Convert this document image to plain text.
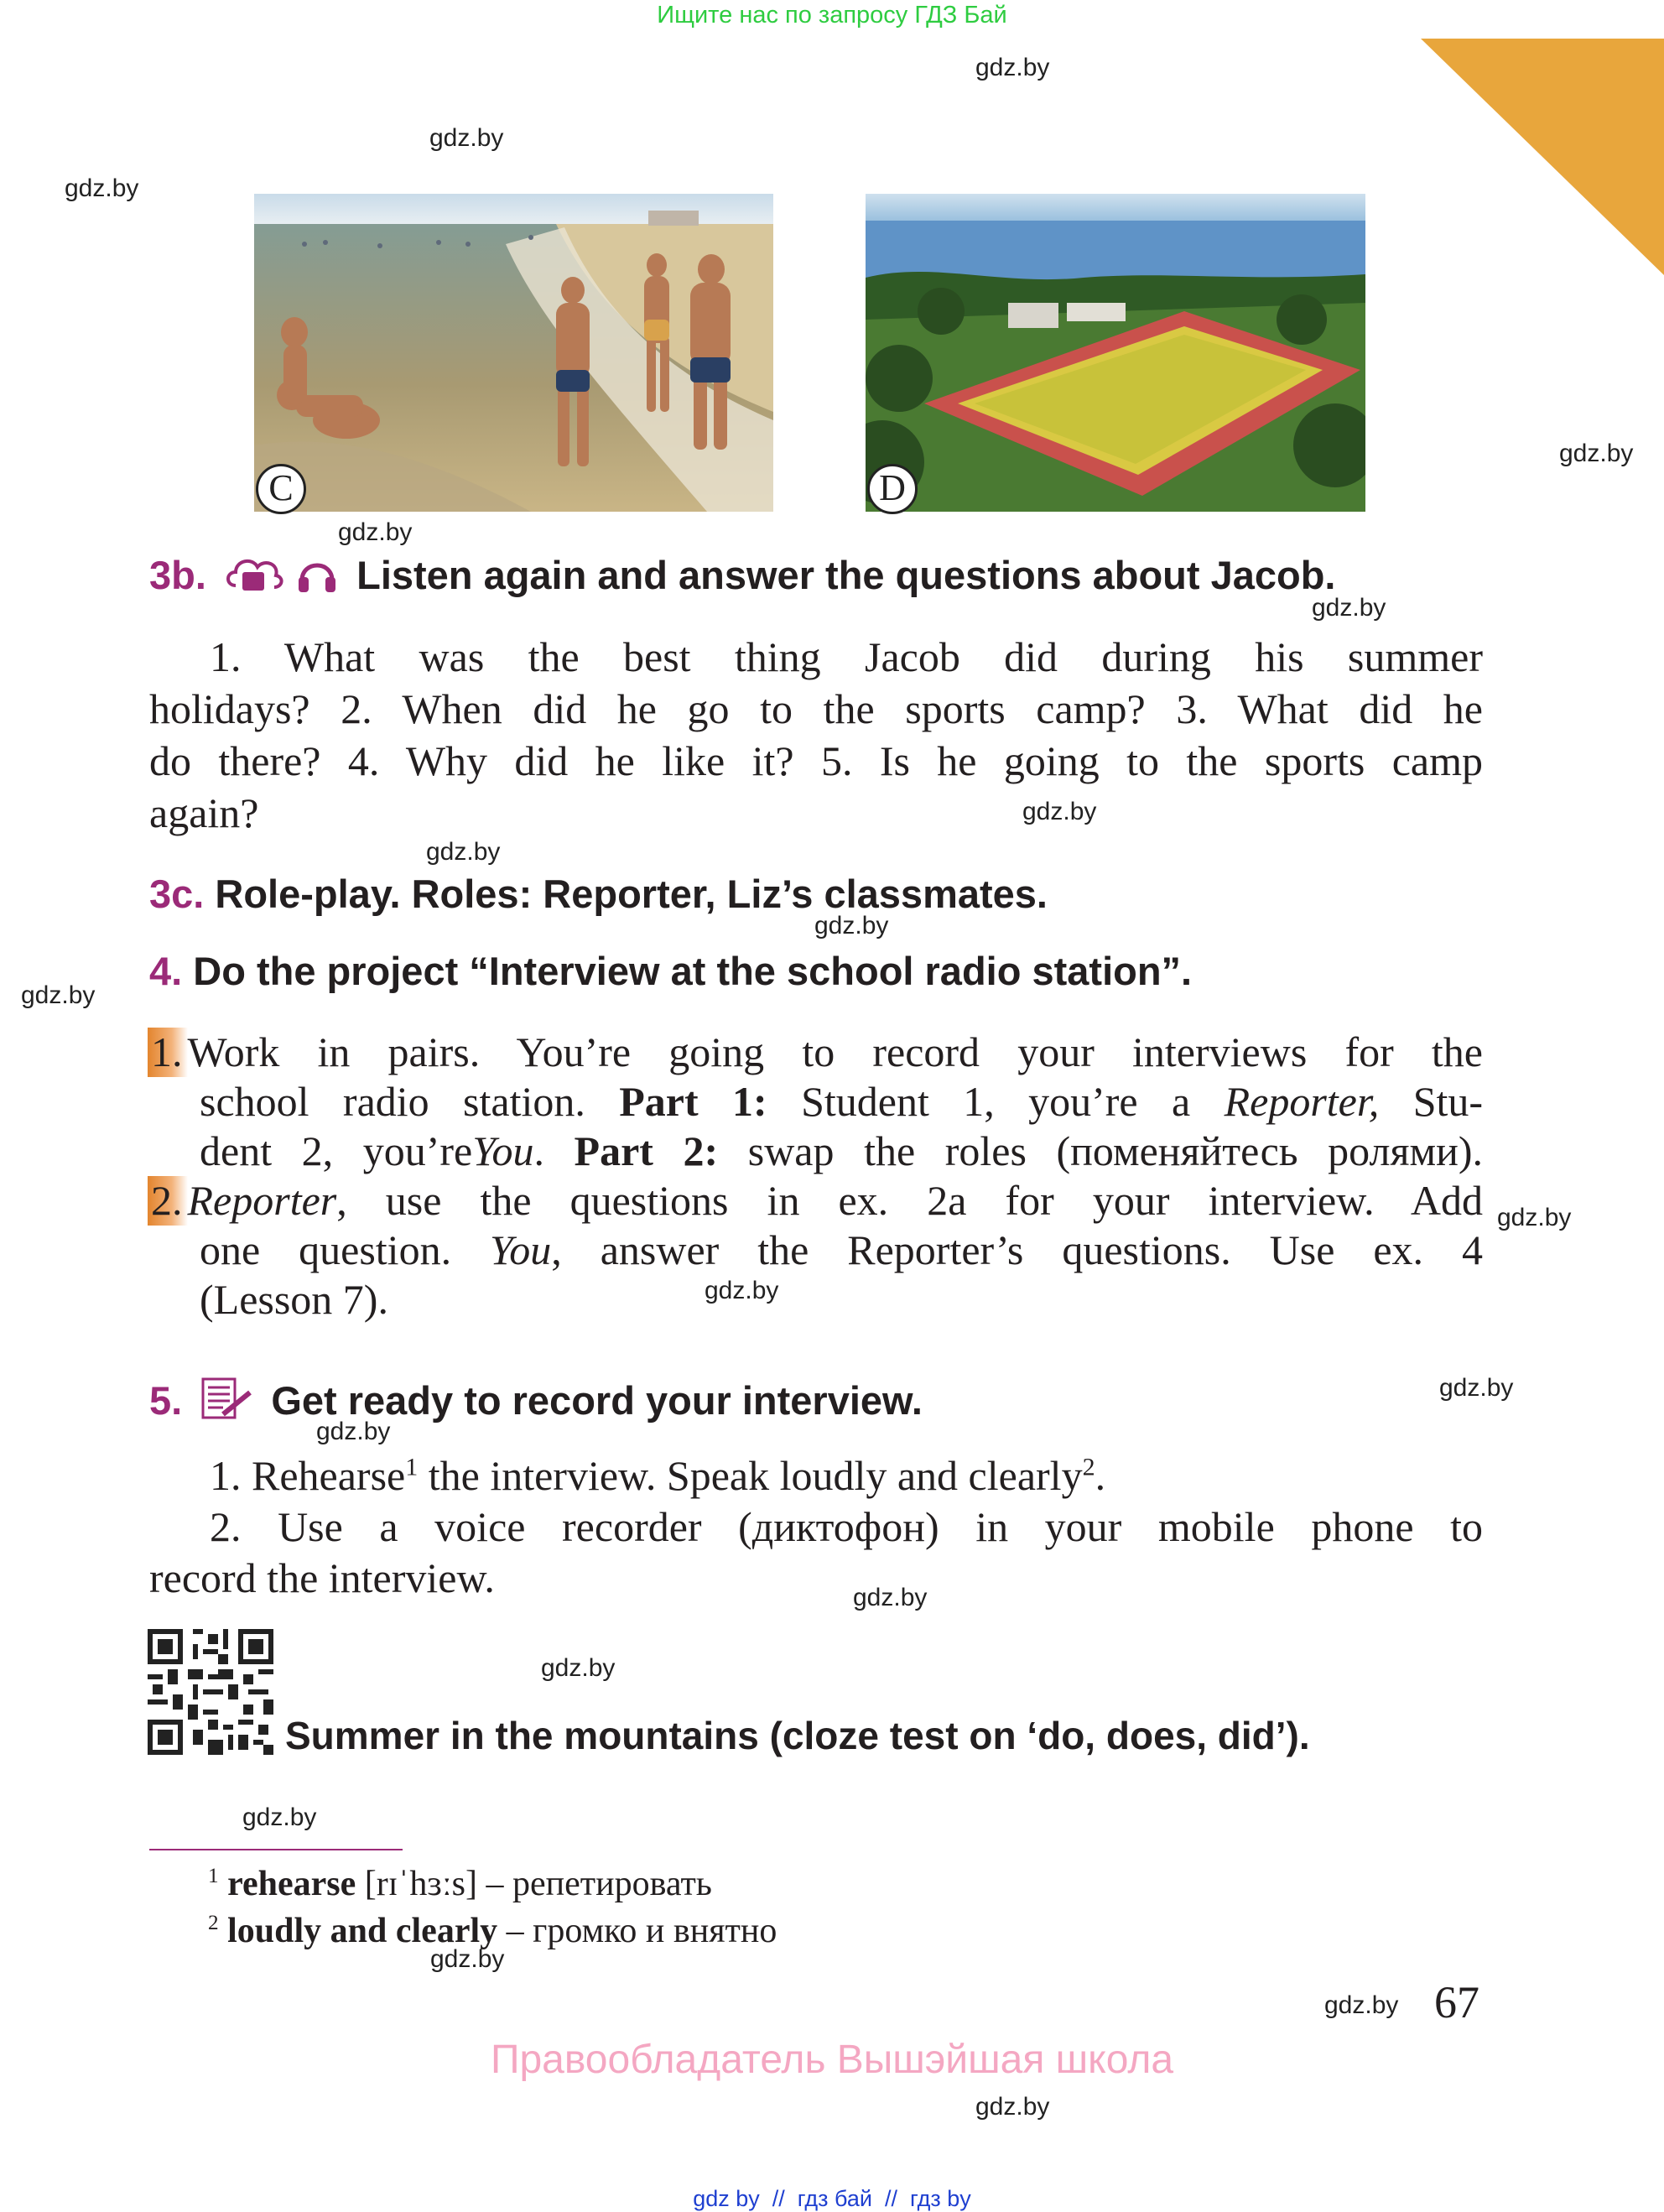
Ищите нас по запросу ГДЗ Бай
gdz.by
gdz.by
gdz.by
gdz.by
gdz.by
gdz.by
gdz.by
gdz.by
gdz.by
gdz.by
gdz.by
gdz.by
gdz.by
gdz.by
gdz.by
gdz.by
gdz.by
gdz.by
gdz.by
gdz.by
C	D
3b.	Listen again and answer the questions about Jacob.
1. What was the best thing Jacob did during his summer
holidays? 2. When did he go to the sports camp? 3. What did he
do there? 4. Why did he like it? 5. Is he going to the sports camp
again?
3c. Role-play. Roles: Reporter, Liz’s classmates.
4. Do the project “Interview at the school radio station”.
1. Work in pairs. You’re going to record your interviews for the
school radio station. Part 1: Student 1, you’re a Reporter, Stu-
dent 2, you’reYou. Part 2: swap the roles (поменяйтесь ролями).
2. Reporter, use the questions in ex. 2a for your interview. Add
one question. You, answer the Reporter’s questions. Use ex. 4
(Lesson 7).
5. Get ready to record your interview.
1. Rehearse$^1$ the interview. Speak loudly and clearly$^2$.
2. Use a voice recorder (диктофон) in your mobile phone to
record the interview.
Summer in the mountains (cloze test on ‘do, does, did’).
$^1$ rehearse [rɪˈhɜːs] – репетировать
$^2$ loudly and clearly – громко и внятно
67
Правообладатель Вышэйшая школа
gdz by  //  гдз бай  //  гдз by
